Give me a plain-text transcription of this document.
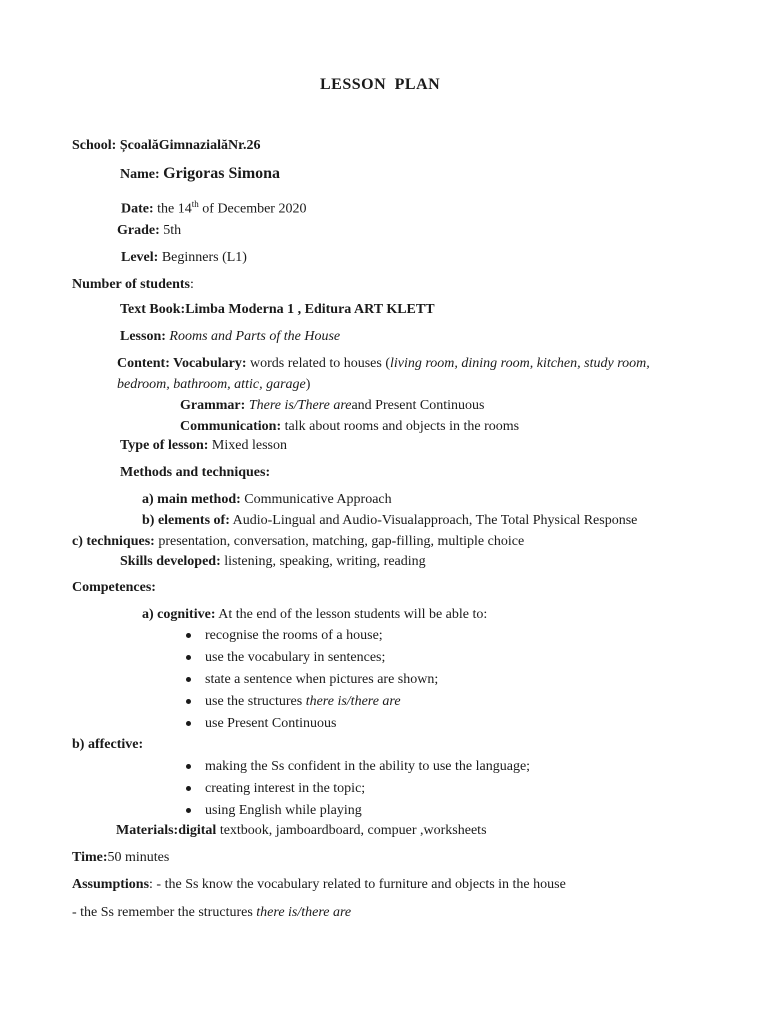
LESSON PLAN
School: ȘcoalăGimnazialăNr.26
Name: Grigoras Simona
Date: the 14th of December 2020
Grade: 5th
Level: Beginners (L1)
Number of students:
Text Book:Limba Moderna 1 , Editura ART KLETT
Lesson: Rooms and Parts of the House
Content: Vocabulary: words related to houses (living room, dining room, kitchen, study room,
bedroom, bathroom, attic, garage)
Grammar: There is/There areand Present Continuous
Communication: talk about rooms and objects in the rooms
Type of lesson: Mixed lesson
Methods and techniques:
a) main method: Communicative Approach
b) elements of: Audio-Lingual and Audio-Visualapproach, The Total Physical Response
c) techniques: presentation, conversation, matching, gap-filling, multiple choice
Skills developed: listening, speaking, writing, reading
Competences:
a) cognitive: At the end of the lesson students will be able to:
recognise the rooms of a house;
use the vocabulary in sentences;
state a sentence when pictures are shown;
use the structures there is/there are
use Present Continuous
b) affective:
making the Ss confident in the ability to use the language;
creating interest in the topic;
using English while playing
Materials:digital textbook, jamboardboard, compuer ,worksheets
Time:50 minutes
Assumptions: - the Ss know the vocabulary related to furniture and objects in the house
- the Ss remember the structures there is/there are
